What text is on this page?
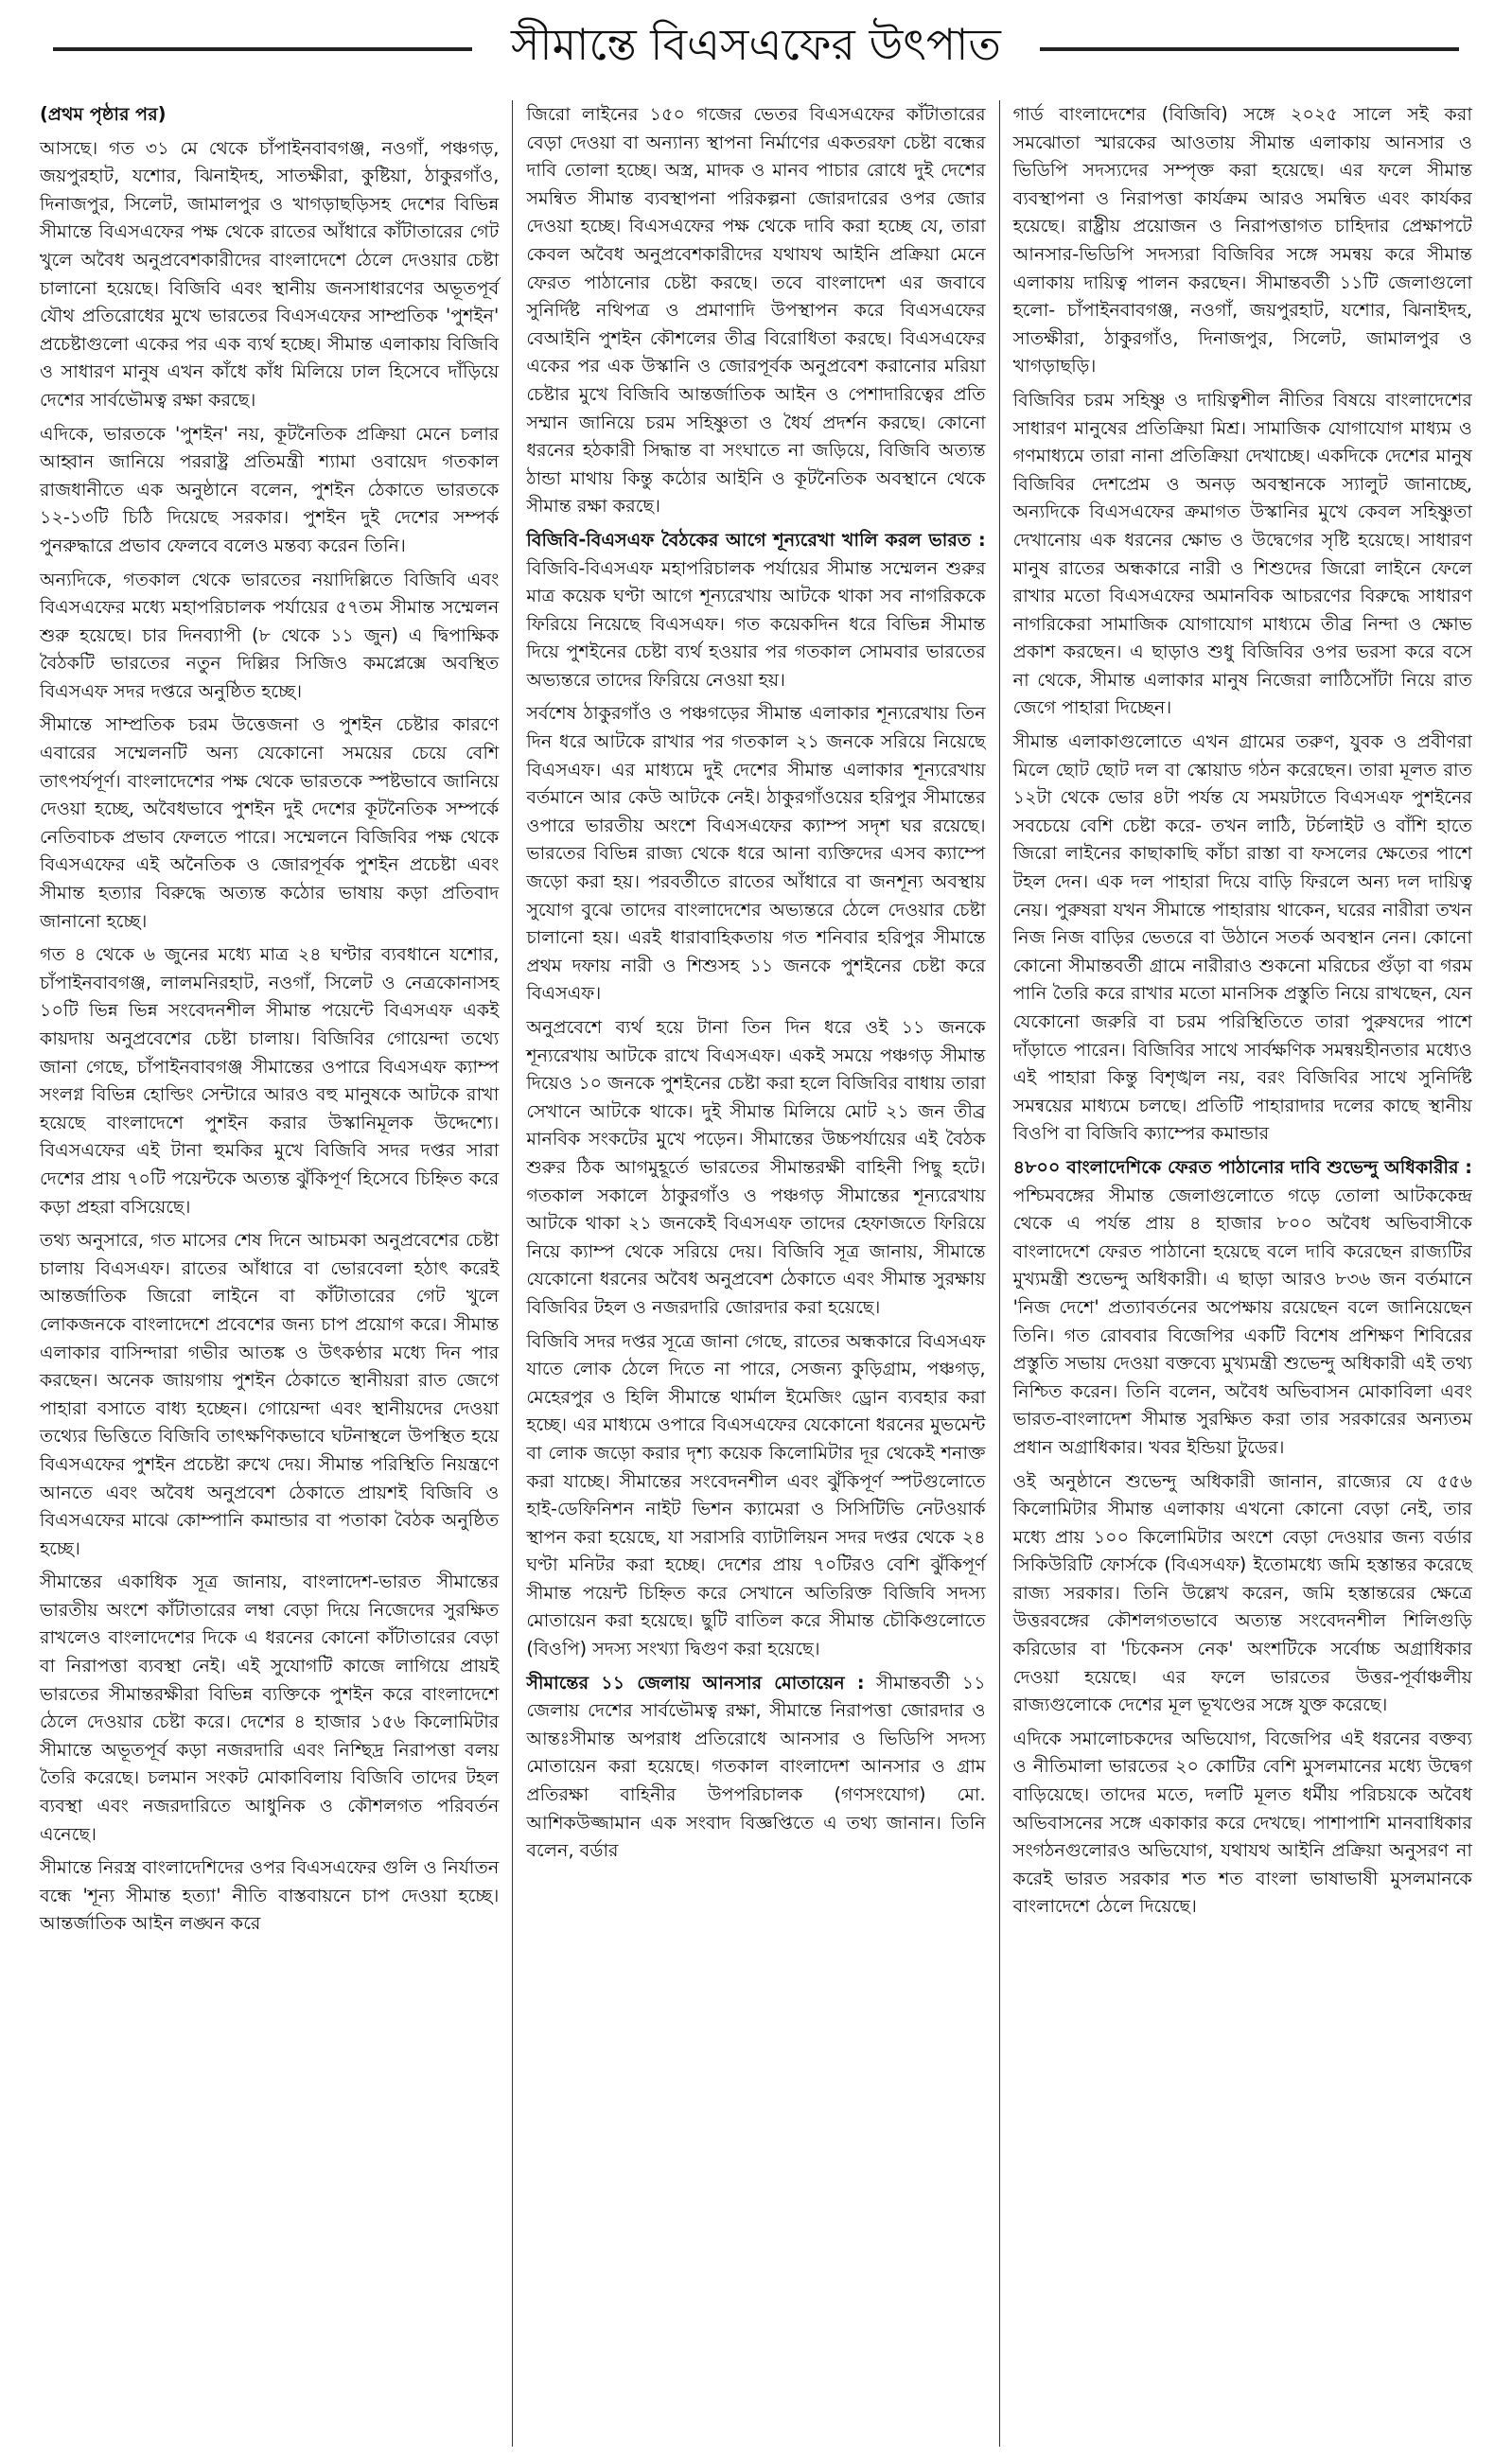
সীমান্তে বিএসএফের উৎপাত

(প্রথম পৃষ্ঠার পর)

আসছে। গত ৩১ মে থেকে চাঁপাইনবাবগঞ্জ, নওগাঁ, পঞ্চগড়, জয়পুরহাট, যশোর, ঝিনাইদহ, সাতক্ষীরা, কুষ্টিয়া, ঠাকুরগাঁও, দিনাজপুর, সিলেট, জামালপুর ও খাগড়াছড়িসহ দেশের বিভিন্ন সীমান্তে বিএসএফের পক্ষ থেকে রাতের আঁধারে কাঁটাতারের গেট খুলে অবৈধ অনুপ্রবেশকারীদের বাংলাদেশে ঠেলে দেওয়ার চেষ্টা চালানো হয়েছে। বিজিবি এবং স্থানীয় জনসাধারণের অভূতপূর্ব যৌথ প্রতিরোধের মুখে ভারতের বিএসএফের সাম্প্রতিক 'পুশইন' প্রচেষ্টাগুলো একের পর এক ব্যর্থ হচ্ছে। সীমান্ত এলাকায় বিজিবি ও সাধারণ মানুষ এখন কাঁধে কাঁধ মিলিয়ে ঢাল হিসেবে দাঁড়িয়ে দেশের সার্বভৌমত্ব রক্ষা করছে।

এদিকে, ভারতকে 'পুশইন' নয়, কূটনৈতিক প্রক্রিয়া মেনে চলার আহ্বান জানিয়ে পররাষ্ট্র প্রতিমন্ত্রী শ্যামা ওবায়েদ গতকাল রাজধানীতে এক অনুষ্ঠানে বলেন, পুশইন ঠেকাতে ভারতকে ১২-১৩টি চিঠি দিয়েছে সরকার। পুশইন দুই দেশের সম্পর্ক পুনরুদ্ধারে প্রভাব ফেলবে বলেও মন্তব্য করেন তিনি।

অন্যদিকে, গতকাল থেকে ভারতের নয়াদিল্লিতে বিজিবি এবং বিএসএফের মধ্যে মহাপরিচালক পর্যায়ের ৫৭তম সীমান্ত সম্মেলন শুরু হয়েছে। চার দিনব্যাপী (৮ থেকে ১১ জুন) এ দ্বিপাক্ষিক বৈঠকটি ভারতের নতুন দিল্লির সিজিও কমপ্লেক্সে অবস্থিত বিএসএফ সদর দপ্তরে অনুষ্ঠিত হচ্ছে।

সীমান্তে সাম্প্রতিক চরম উত্তেজনা ও পুশইন চেষ্টার কারণে এবারের সম্মেলনটি অন্য যেকোনো সময়ের চেয়ে বেশি তাৎপর্যপূর্ণ। বাংলাদেশের পক্ষ থেকে ভারতকে স্পষ্টভাবে জানিয়ে দেওয়া হচ্ছে, অবৈধভাবে পুশইন দুই দেশের কূটনৈতিক সম্পর্কে নেতিবাচক প্রভাব ফেলতে পারে। সম্মেলনে বিজিবির পক্ষ থেকে বিএসএফের এই অনৈতিক ও জোরপূর্বক পুশইন প্রচেষ্টা এবং সীমান্ত হত্যার বিরুদ্ধে অত্যন্ত কঠোর ভাষায় কড়া প্রতিবাদ জানানো হচ্ছে।

গত ৪ থেকে ৬ জুনের মধ্যে মাত্র ২৪ ঘণ্টার ব্যবধানে যশোর, চাঁপাইনবাবগঞ্জ, লালমনিরহাট, নওগাঁ, সিলেট ও নেত্রকোনাসহ ১০টি ভিন্ন ভিন্ন সংবেদনশীল সীমান্ত পয়েন্টে বিএসএফ একই কায়দায় অনুপ্রবেশের চেষ্টা চালায়। বিজিবির গোয়েন্দা তথ্যে জানা গেছে, চাঁপাইনবাবগঞ্জ সীমান্তের ওপারে বিএসএফ ক্যাম্প সংলগ্ন বিভিন্ন হোল্ডিং সেন্টারে আরও বহু মানুষকে আটকে রাখা হয়েছে বাংলাদেশে পুশইন করার উস্কানিমূলক উদ্দেশ্যে। বিএসএফের এই টানা হুমকির মুখে বিজিবি সদর দপ্তর সারা দেশের প্রায় ৭০টি পয়েন্টকে অত্যন্ত ঝুঁকিপূর্ণ হিসেবে চিহ্নিত করে কড়া প্রহরা বসিয়েছে।

তথ্য অনুসারে, গত মাসের শেষ দিনে আচমকা অনুপ্রবেশের চেষ্টা চালায় বিএসএফ। রাতের আঁধারে বা ভোরবেলা হঠাৎ করেই আন্তর্জাতিক জিরো লাইনে বা কাঁটাতারের গেট খুলে লোকজনকে বাংলাদেশে প্রবেশের জন্য চাপ প্রয়োগ করে। সীমান্ত এলাকার বাসিন্দারা গভীর আতঙ্ক ও উৎকণ্ঠার মধ্যে দিন পার করছেন। অনেক জায়গায় পুশইন ঠেকাতে স্থানীয়রা রাত জেগে পাহারা বসাতে বাধ্য হচ্ছেন। গোয়েন্দা এবং স্থানীয়দের দেওয়া তথ্যের ভিত্তিতে বিজিবি তাৎক্ষণিকভাবে ঘটনাস্থলে উপস্থিত হয়ে বিএসএফের পুশইন প্রচেষ্টা রুখে দেয়। সীমান্ত পরিস্থিতি নিয়ন্ত্রণে আনতে এবং অবৈধ অনুপ্রবেশ ঠেকাতে প্রায়শই বিজিবি ও বিএসএফের মাঝে কোম্পানি কমান্ডার বা পতাকা বৈঠক অনুষ্ঠিত হচ্ছে।

সীমান্তের একাধিক সূত্র জানায়, বাংলাদেশ-ভারত সীমান্তের ভারতীয় অংশে কাঁটাতারের লম্বা বেড়া দিয়ে নিজেদের সুরক্ষিত রাখলেও বাংলাদেশের দিকে এ ধরনের কোনো কাঁটাতারের বেড়া বা নিরাপত্তা ব্যবস্থা নেই। এই সুযোগটি কাজে লাগিয়ে প্রায়ই ভারতের সীমান্তরক্ষীরা বিভিন্ন ব্যক্তিকে পুশইন করে বাংলাদেশে ঠেলে দেওয়ার চেষ্টা করে। দেশের ৪ হাজার ১৫৬ কিলোমিটার সীমান্তে অভূতপূর্ব কড়া নজরদারি এবং নিশ্ছিদ্র নিরাপত্তা বলয় তৈরি করেছে। চলমান সংকট মোকাবিলায় বিজিবি তাদের টহল ব্যবস্থা এবং নজরদারিতে আধুনিক ও কৌশলগত পরিবর্তন এনেছে।

সীমান্তে নিরস্ত্র বাংলাদেশিদের ওপর বিএসএফের গুলি ও নির্যাতন বন্ধে 'শূন্য সীমান্ত হত্যা' নীতি বাস্তবায়নে চাপ দেওয়া হচ্ছে। আন্তর্জাতিক আইন লঙ্ঘন করে

জিরো লাইনের ১৫০ গজের ভেতর বিএসএফের কাঁটাতারের বেড়া দেওয়া বা অন্যান্য স্থাপনা নির্মাণের একতরফা চেষ্টা বন্ধের দাবি তোলা হচ্ছে। অস্ত্র, মাদক ও মানব পাচার রোধে দুই দেশের সমন্বিত সীমান্ত ব্যবস্থাপনা পরিকল্পনা জোরদারের ওপর জোর দেওয়া হচ্ছে। বিএসএফের পক্ষ থেকে দাবি করা হচ্ছে যে, তারা কেবল অবৈধ অনুপ্রবেশকারীদের যথাযথ আইনি প্রক্রিয়া মেনে ফেরত পাঠানোর চেষ্টা করছে। তবে বাংলাদেশ এর জবাবে সুনির্দিষ্ট নথিপত্র ও প্রমাণাদি উপস্থাপন করে বিএসএফের বেআইনি পুশইন কৌশলের তীব্র বিরোধিতা করছে। বিএসএফের একের পর এক উস্কানি ও জোরপূর্বক অনুপ্রবেশ করানোর মরিয়া চেষ্টার মুখে বিজিবি আন্তর্জাতিক আইন ও পেশাদারিত্বের প্রতি সম্মান জানিয়ে চরম সহিষ্ণুতা ও ধৈর্য প্রদর্শন করছে। কোনো ধরনের হঠকারী সিদ্ধান্ত বা সংঘাতে না জড়িয়ে, বিজিবি অত্যন্ত ঠান্ডা মাথায় কিন্তু কঠোর আইনি ও কূটনৈতিক অবস্থানে থেকে সীমান্ত রক্ষা করছে।

বিজিবি-বিএসএফ বৈঠকের আগে শূন্যরেখা খালি করল ভারত : বিজিবি-বিএসএফ মহাপরিচালক পর্যায়ের সীমান্ত সম্মেলন শুরুর মাত্র কয়েক ঘণ্টা আগে শূন্যরেখায় আটকে থাকা সব নাগরিককে ফিরিয়ে নিয়েছে বিএসএফ। গত কয়েকদিন ধরে বিভিন্ন সীমান্ত দিয়ে পুশইনের চেষ্টা ব্যর্থ হওয়ার পর গতকাল সোমবার ভারতের অভ্যন্তরে তাদের ফিরিয়ে নেওয়া হয়।

সর্বশেষ ঠাকুরগাঁও ও পঞ্চগড়ের সীমান্ত এলাকার শূন্যরেখায় তিন দিন ধরে আটকে রাখার পর গতকাল ২১ জনকে সরিয়ে নিয়েছে বিএসএফ। এর মাধ্যমে দুই দেশের সীমান্ত এলাকার শূন্যরেখায় বর্তমানে আর কেউ আটকে নেই। ঠাকুরগাঁওয়ের হরিপুর সীমান্তের ওপারে ভারতীয় অংশে বিএসএফের ক্যাম্প সদৃশ ঘর রয়েছে। ভারতের বিভিন্ন রাজ্য থেকে ধরে আনা ব্যক্তিদের এসব ক্যাম্পে জড়ো করা হয়। পরবর্তীতে রাতের আঁধারে বা জনশূন্য অবস্থায় সুযোগ বুঝে তাদের বাংলাদেশের অভ্যন্তরে ঠেলে দেওয়ার চেষ্টা চালানো হয়। এরই ধারাবাহিকতায় গত শনিবার হরিপুর সীমান্তে প্রথম দফায় নারী ও শিশুসহ ১১ জনকে পুশইনের চেষ্টা করে বিএসএফ।

অনুপ্রবেশে ব্যর্থ হয়ে টানা তিন দিন ধরে ওই ১১ জনকে শূন্যরেখায় আটকে রাখে বিএসএফ। একই সময়ে পঞ্চগড় সীমান্ত দিয়েও ১০ জনকে পুশইনের চেষ্টা করা হলে বিজিবির বাধায় তারা সেখানে আটকে থাকে। দুই সীমান্ত মিলিয়ে মোট ২১ জন তীব্র মানবিক সংকটের মুখে পড়েন। সীমান্তের উচ্চপর্যায়ের এই বৈঠক শুরুর ঠিক আগমুহূর্তে ভারতের সীমান্তরক্ষী বাহিনী পিছু হটে। গতকাল সকালে ঠাকুরগাঁও ও পঞ্চগড় সীমান্তের শূন্যরেখায় আটকে থাকা ২১ জনকেই বিএসএফ তাদের হেফাজতে ফিরিয়ে নিয়ে ক্যাম্প থেকে সরিয়ে দেয়। বিজিবি সূত্র জানায়, সীমান্তে যেকোনো ধরনের অবৈধ অনুপ্রবেশ ঠেকাতে এবং সীমান্ত সুরক্ষায় বিজিবির টহল ও নজরদারি জোরদার করা হয়েছে।

বিজিবি সদর দপ্তর সূত্রে জানা গেছে, রাতের অন্ধকারে বিএসএফ যাতে লোক ঠেলে দিতে না পারে, সেজন্য কুড়িগ্রাম, পঞ্চগড়, মেহেরপুর ও হিলি সীমান্তে থার্মাল ইমেজিং ড্রোন ব্যবহার করা হচ্ছে। এর মাধ্যমে ওপারে বিএসএফের যেকোনো ধরনের মুভমেন্ট বা লোক জড়ো করার দৃশ্য কয়েক কিলোমিটার দূর থেকেই শনাক্ত করা যাচ্ছে। সীমান্তের সংবেদনশীল এবং ঝুঁকিপূর্ণ স্পটগুলোতে হাই-ডেফিনিশন নাইট ভিশন ক্যামেরা ও সিসিটিভি নেটওয়ার্ক স্থাপন করা হয়েছে, যা সরাসরি ব্যাটালিয়ন সদর দপ্তর থেকে ২৪ ঘণ্টা মনিটর করা হচ্ছে। দেশের প্রায় ৭০টিরও বেশি ঝুঁকিপূর্ণ সীমান্ত পয়েন্ট চিহ্নিত করে সেখানে অতিরিক্ত বিজিবি সদস্য মোতায়েন করা হয়েছে। ছুটি বাতিল করে সীমান্ত চৌকিগুলোতে (বিওপি) সদস্য সংখ্যা দ্বিগুণ করা হয়েছে।

সীমান্তের ১১ জেলায় আনসার মোতায়েন : সীমান্তবর্তী ১১ জেলায় দেশের সার্বভৌমত্ব রক্ষা, সীমান্তে নিরাপত্তা জোরদার ও আন্তঃসীমান্ত অপরাধ প্রতিরোধে আনসার ও ভিডিপি সদস্য মোতায়েন করা হয়েছে। গতকাল বাংলাদেশ আনসার ও গ্রাম প্রতিরক্ষা বাহিনীর উপপরিচালক (গণসংযোগ) মো. আশিকউজ্জামান এক সংবাদ বিজ্ঞপ্তিতে এ তথ্য জানান। তিনি বলেন, বর্ডার

গার্ড বাংলাদেশের (বিজিবি) সঙ্গে ২০২৫ সালে সই করা সমঝোতা স্মারকের আওতায় সীমান্ত এলাকায় আনসার ও ভিডিপি সদস্যদের সম্পৃক্ত করা হয়েছে। এর ফলে সীমান্ত ব্যবস্থাপনা ও নিরাপত্তা কার্যক্রম আরও সমন্বিত এবং কার্যকর হয়েছে। রাষ্ট্রীয় প্রয়োজন ও নিরাপত্তাগত চাহিদার প্রেক্ষাপটে আনসার-ভিডিপি সদস্যরা বিজিবির সঙ্গে সমন্বয় করে সীমান্ত এলাকায় দায়িত্ব পালন করছেন। সীমান্তবর্তী ১১টি জেলাগুলো হলো- চাঁপাইনবাবগঞ্জ, নওগাঁ, জয়পুরহাট, যশোর, ঝিনাইদহ, সাতক্ষীরা, ঠাকুরগাঁও, দিনাজপুর, সিলেট, জামালপুর ও খাগড়াছড়ি।

বিজিবির চরম সহিষ্ণু ও দায়িত্বশীল নীতির বিষয়ে বাংলাদেশের সাধারণ মানুষের প্রতিক্রিয়া মিশ্র। সামাজিক যোগাযোগ মাধ্যম ও গণমাধ্যমে তারা নানা প্রতিক্রিয়া দেখাচ্ছে। একদিকে দেশের মানুষ বিজিবির দেশপ্রেম ও অনড় অবস্থানকে স্যালুট জানাচ্ছে, অন্যদিকে বিএসএফের ক্রমাগত উস্কানির মুখে কেবল সহিষ্ণুতা দেখানোয় এক ধরনের ক্ষোভ ও উদ্বেগের সৃষ্টি হয়েছে। সাধারণ মানুষ রাতের অন্ধকারে নারী ও শিশুদের জিরো লাইনে ফেলে রাখার মতো বিএসএফের অমানবিক আচরণের বিরুদ্ধে সাধারণ নাগরিকেরা সামাজিক যোগাযোগ মাধ্যমে তীব্র নিন্দা ও ক্ষোভ প্রকাশ করছেন। এ ছাড়াও শুধু বিজিবির ওপর ভরসা করে বসে না থেকে, সীমান্ত এলাকার মানুষ নিজেরা লাঠিসোঁটা নিয়ে রাত জেগে পাহারা দিচ্ছেন।

সীমান্ত এলাকাগুলোতে এখন গ্রামের তরুণ, যুবক ও প্রবীণরা মিলে ছোট ছোট দল বা স্কোয়াড গঠন করেছেন। তারা মূলত রাত ১২টা থেকে ভোর ৪টা পর্যন্ত যে সময়টাতে বিএসএফ পুশইনের সবচেয়ে বেশি চেষ্টা করে- তখন লাঠি, টর্চলাইট ও বাঁশি হাতে জিরো লাইনের কাছাকাছি কাঁচা রাস্তা বা ফসলের ক্ষেতের পাশে টহল দেন। এক দল পাহারা দিয়ে বাড়ি ফিরলে অন্য দল দায়িত্ব নেয়। পুরুষরা যখন সীমান্তে পাহারায় থাকেন, ঘরের নারীরা তখন নিজ নিজ বাড়ির ভেতরে বা উঠানে সতর্ক অবস্থান নেন। কোনো কোনো সীমান্তবর্তী গ্রামে নারীরাও শুকনো মরিচের গুঁড়া বা গরম পানি তৈরি করে রাখার মতো মানসিক প্রস্তুতি নিয়ে রাখছেন, যেন যেকোনো জরুরি বা চরম পরিস্থিতিতে তারা পুরুষদের পাশে দাঁড়াতে পারেন। বিজিবির সাথে সার্বক্ষণিক সমন্বয়হীনতার মধ্যেও এই পাহারা কিন্তু বিশৃঙ্খল নয়, বরং বিজিবির সাথে সুনির্দিষ্ট সমন্বয়ের মাধ্যমে চলছে। প্রতিটি পাহারাদার দলের কাছে স্থানীয় বিওপি বা বিজিবি ক্যাম্পের কমান্ডার

৪৮০০ বাংলাদেশিকে ফেরত পাঠানোর দাবি শুভেন্দু অধিকারীর : পশ্চিমবঙ্গের সীমান্ত জেলাগুলোতে গড়ে তোলা আটককেন্দ্র থেকে এ পর্যন্ত প্রায় ৪ হাজার ৮০০ অবৈধ অভিবাসীকে বাংলাদেশে ফেরত পাঠানো হয়েছে বলে দাবি করেছেন রাজ্যটির মুখ্যমন্ত্রী শুভেন্দু অধিকারী। এ ছাড়া আরও ৮৩৬ জন বর্তমানে 'নিজ দেশে' প্রত্যাবর্তনের অপেক্ষায় রয়েছেন বলে জানিয়েছেন তিনি। গত রোববার বিজেপির একটি বিশেষ প্রশিক্ষণ শিবিরের প্রস্তুতি সভায় দেওয়া বক্তব্যে মুখ্যমন্ত্রী শুভেন্দু অধিকারী এই তথ্য নিশ্চিত করেন। তিনি বলেন, অবৈধ অভিবাসন মোকাবিলা এবং ভারত-বাংলাদেশ সীমান্ত সুরক্ষিত করা তার সরকারের অন্যতম প্রধান অগ্রাধিকার। খবর ইন্ডিয়া টুডের।

ওই অনুষ্ঠানে শুভেন্দু অধিকারী জানান, রাজ্যের যে ৫৫৬ কিলোমিটার সীমান্ত এলাকায় এখনো কোনো বেড়া নেই, তার মধ্যে প্রায় ১০০ কিলোমিটার অংশে বেড়া দেওয়ার জন্য বর্ডার সিকিউরিটি ফোর্সকে (বিএসএফ) ইতোমধ্যে জমি হস্তান্তর করেছে রাজ্য সরকার। তিনি উল্লেখ করেন, জমি হস্তান্তরের ক্ষেত্রে উত্তরবঙ্গের কৌশলগতভাবে অত্যন্ত সংবেদনশীল শিলিগুড়ি করিডোর বা 'চিকেনস নেক' অংশটিকে সর্বোচ্চ অগ্রাধিকার দেওয়া হয়েছে। এর ফলে ভারতের উত্তর-পূর্বাঞ্চলীয় রাজ্যগুলোকে দেশের মূল ভূখণ্ডের সঙ্গে যুক্ত করেছে।

এদিকে সমালোচকদের অভিযোগ, বিজেপির এই ধরনের বক্তব্য ও নীতিমালা ভারতের ২০ কোটির বেশি মুসলমানের মধ্যে উদ্বেগ বাড়িয়েছে। তাদের মতে, দলটি মূলত ধর্মীয় পরিচয়কে অবৈধ অভিবাসনের সঙ্গে একাকার করে দেখছে। পাশাপাশি মানবাধিকার সংগঠনগুলোরও অভিযোগ, যথাযথ আইনি প্রক্রিয়া অনুসরণ না করেই ভারত সরকার শত শত বাংলা ভাষাভাষী মুসলমানকে বাংলাদেশে ঠেলে দিয়েছে।
